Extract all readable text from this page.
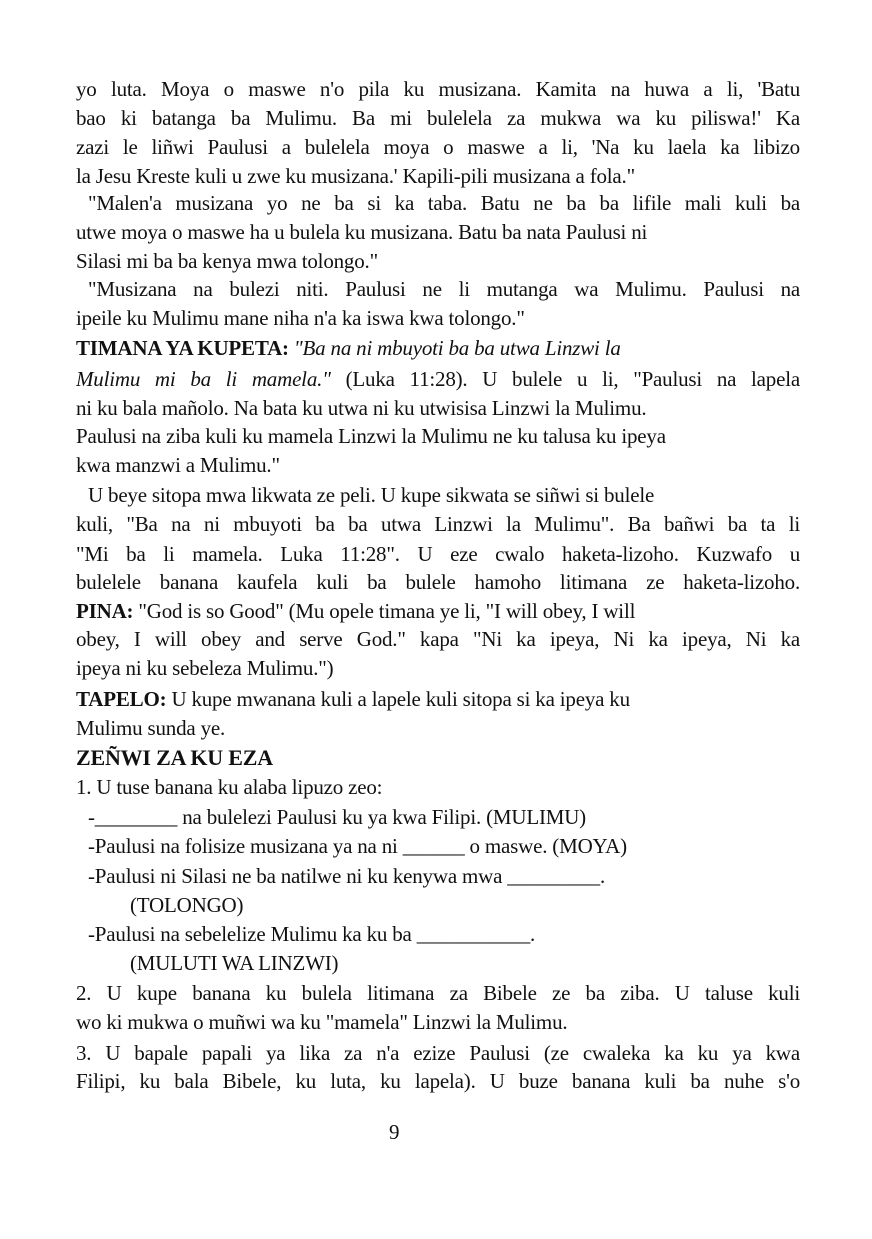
yo luta. Moya o maswe n'o pila ku musizana. Kamita na huwa a li, 'Batu
bao ki batanga ba Mulimu. Ba mi bulelela za mukwa wa ku piliswa!' Ka
zazi le liñwi Paulusi a bulelela moya o maswe a li, 'Na ku laela ka libizo
la Jesu Kreste kuli u zwe ku musizana.' Kapili-pili musizana a fola."
"Malen'a musizana yo ne ba si ka taba. Batu ne ba ba lifile mali kuli ba
utwe moya o maswe ha u bulela ku musizana. Batu ba nata Paulusi ni
Silasi mi ba ba kenya mwa tolongo."
"Musizana na bulezi niti. Paulusi ne li mutanga wa Mulimu. Paulusi na
ipeile ku Mulimu mane niha n'a ka iswa kwa tolongo."
TIMANA YA KUPETA: "Ba na ni mbuyoti ba ba utwa Linzwi la
Mulimu mi ba li mamela." (Luka 11:28). U bulele u li, "Paulusi na lapela
ni ku bala mañolo. Na bata ku utwa ni ku utwisisa Linzwi la Mulimu.
Paulusi na ziba kuli ku mamela Linzwi la Mulimu ne ku talusa ku ipeya
kwa manzwi a Mulimu."
U beye sitopa mwa likwata ze peli. U kupe sikwata se siñwi si bulele
kuli, "Ba na ni mbuyoti ba ba utwa Linzwi la Mulimu". Ba bañwi ba ta li
"Mi ba li mamela. Luka 11:28". U eze cwalo haketa-lizoho. Kuzwafo u
bulelele banana kaufela kuli ba bulele hamoho litimana ze haketa-lizoho.
PINA: "God is so Good" (Mu opele timana ye li, "I will obey, I will
obey, I will obey and serve God." kapa "Ni ka ipeya, Ni ka ipeya, Ni ka
ipeya ni ku sebeleza Mulimu.")
TAPELO: U kupe mwanana kuli a lapele kuli sitopa si ka ipeya ku
Mulimu sunda ye.
ZEÑWI ZA KU EZA
1. U tuse banana ku alaba lipuzo zeo:
-________ na bulelezi Paulusi ku ya kwa Filipi. (MULIMU)
-Paulusi na folisize musizana ya na ni ______ o maswe. (MOYA)
-Paulusi ni Silasi ne ba natilwe ni ku kenywa mwa _________.
(TOLONGO)
-Paulusi na sebelelize Mulimu ka ku ba ___________.
(MULUTI WA LINZWI)
2. U kupe banana ku bulela litimana za Bibele ze ba ziba. U taluse kuli
wo ki mukwa o muñwi wa ku "mamela" Linzwi la Mulimu.
3. U bapale papali ya lika za n'a ezize Paulusi (ze cwaleka ka ku ya kwa
Filipi, ku bala Bibele, ku luta, ku lapela). U buze banana kuli ba nuhe s'o
9
